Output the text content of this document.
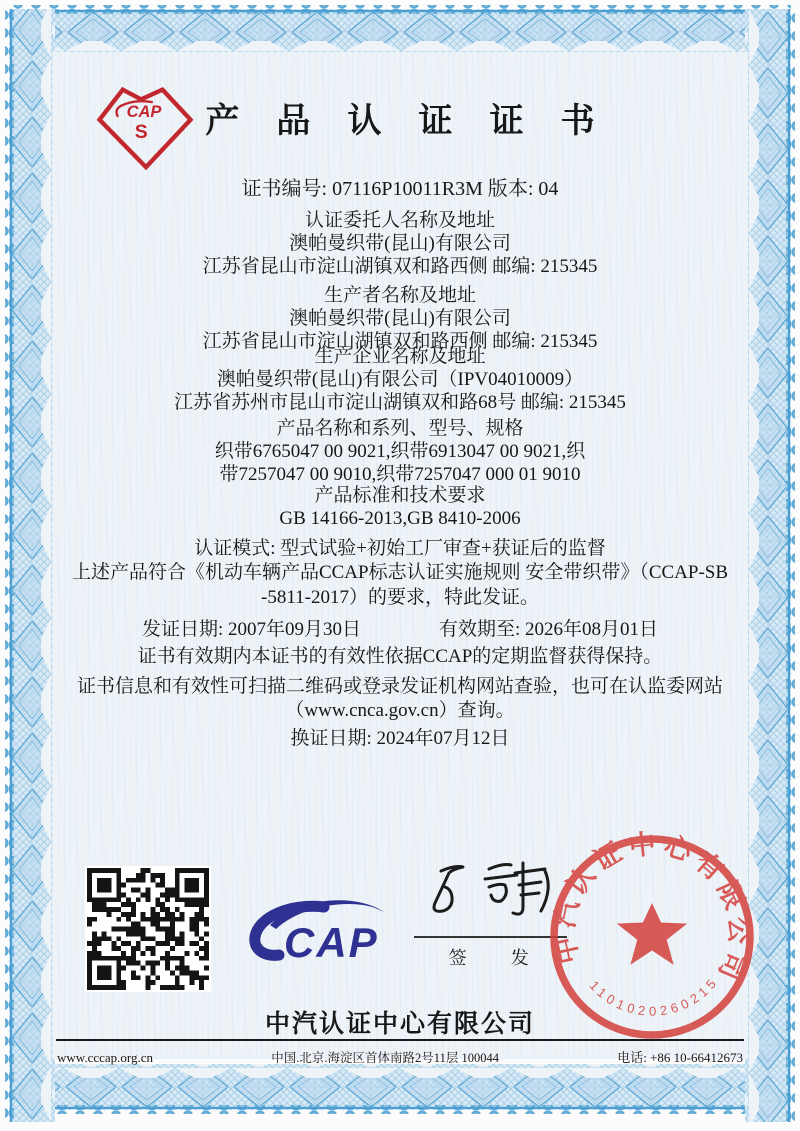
CAP
S	产 品 认 证 证 书
证书编号: 07116P10011R3M 版本: 04
认证委托人名称及地址
澳帕曼织带(昆山)有限公司
江苏省昆山市淀山湖镇双和路西侧 邮编: 215345
生产者名称及地址
澳帕曼织带(昆山)有限公司
江苏省昆山市淀山湖镇双和路西侧 邮编: 215345
生产企业名称及地址
澳帕曼织带(昆山)有限公司（IPV04010009）
江苏省苏州市昆山市淀山湖镇双和路68号 邮编: 215345
产品名称和系列、型号、规格
织带6765047 00 9021,织带6913047 00 9021,织
带7257047 00 9010,织带7257047 000 01 9010
产品标准和技术要求
GB 14166-2013,GB 8410-2006
认证模式: 型式试验+初始工厂审查+获证后的监督
上述产品符合《机动车辆产品CCAP标志认证实施规则 安全带织带》（CCAP-SB
-5811-2017）的要求，特此发证。
发证日期: 2007年09月30日	有效期至: 2026年08月01日
证书有效期内本证书的有效性依据CCAP的定期监督获得保持。
证书信息和有效性可扫描二维码或登录发证机构网站查验，也可在认监委网站
（www.cnca.gov.cn）查询。
换证日期: 2024年07月12日
CAP	签 发 中汽认证中心有限公司
1101020260215
中汽认证中心有限公司
www.cccap.org.cn	中国.北京.海淀区首体南路2号11层 100044	电话: +86 10-66412673
